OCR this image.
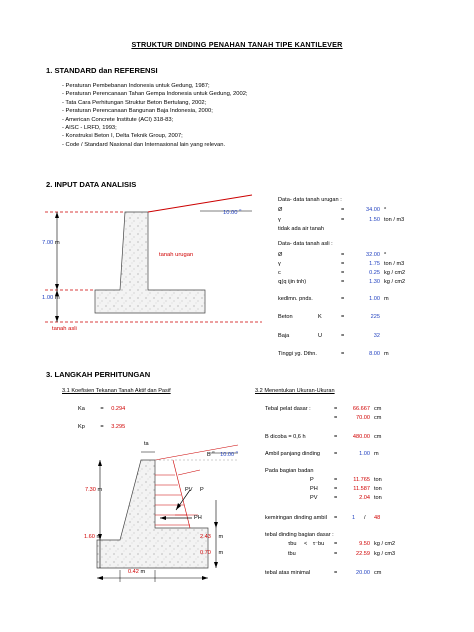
STRUKTUR DINDING PENAHAN TANAH TIPE KANTILEVER
1. STANDARD dan REFERENSI
- Peraturan Pembebanan Indonesia untuk Gedung, 1987;
- Peraturan Perencanaan Tahan Gempa Indonesia untuk Gedung, 2002;
- Tata Cara Perhitungan Struktur Beton Bertulang, 2002;
- Peraturan Perencanaan Bangunan Baja Indonesia, 2000;
- American Concrete Institute (ACI) 318-83;
- AISC - LRFD, 1993;
- Konstruksi Beton I, Delta Teknik Group, 2007;
- Code / Standard Nasional dan Internasional lain yang relevan.
2. INPUT DATA ANALISIS
10.00 $^o$
7.00 m
1.00 m
tanah urugan
tanah asli
Data- data tanah urugan :
Ø	=	34.00 o
γ	=	1.50 ton / m3
tidak ada air tanah
Data- data tanah asli :
Ø	=	32.00 o
γ	=	1.75 ton / m3
c	=	0.25 kg / cm2
ꝗ(q ijin tnh)	=	1.30 kg / cm2
kedlmn. pnds.	=	1.00 m
Beton	K	=	225
Baja	U	=	32
Tinggi yg. Dthn.	=	8.00 m
3. LANGKAH PERHITUNGAN
3.1 Koefisien Tekanan Tanah Aktif dan Pasif
Ka	= 0.294
Kp	= 3.295
ta
B $^o$ 10.00 $^o$
7.30 m
1.60 m
P
PV
PH
2.43 m
0.70 m
0.42 m
3.2 Menentukan Ukuran-Ukuran
Tebal pelat dasar :	=	66.667 cm
=	70.00 cm
B dicoba = 0,6 h	=	480.00 cm
Ambil panjang dinding =	1.00 m
Pada bagian badan
P	=	11.765 ton
PH	=	11.587 ton
PV	=	2.04 ton
kemiringan dinding ambil =	1 / 48
tebal dinding bagian dasar :
τbu < τ⁻bu =	9.50 kg / cm2
tbu	=	22.59 kg / cm3
tebal atas minimal	=	20.00 cm
